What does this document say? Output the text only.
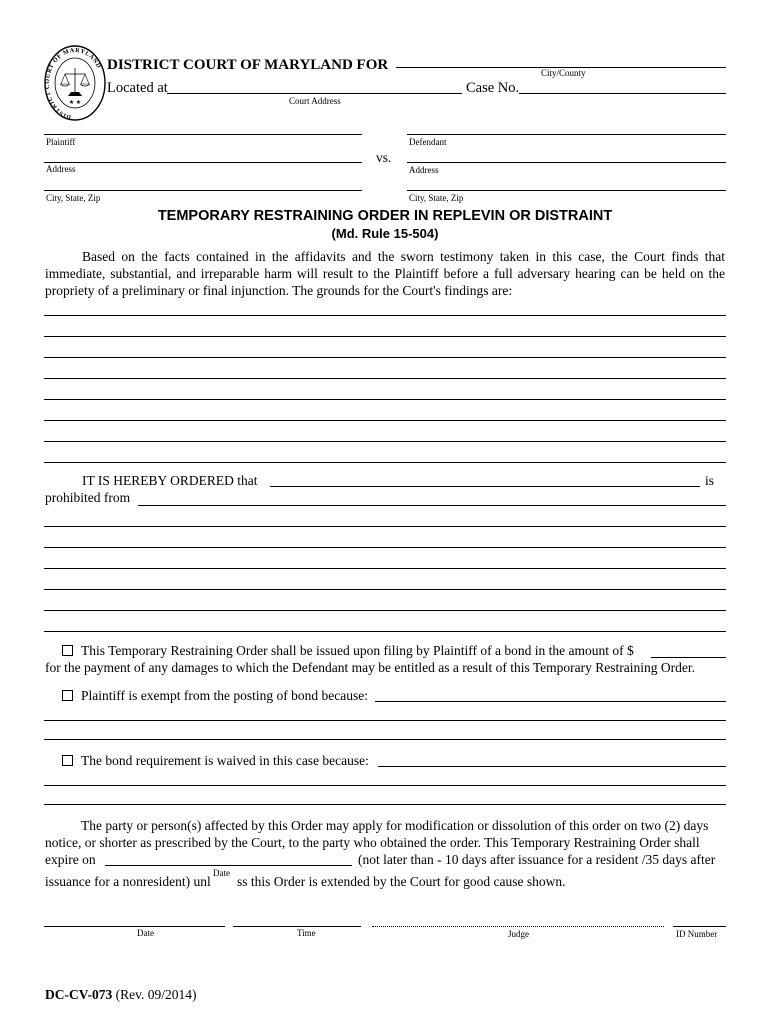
DISTRICT COURT OF MARYLAND
★ ★
DISTRICT COURT OF MARYLAND FOR	City/County
Located at
Court Address
Case No.
Plaintiff
Address
City, State, Zip
vs.
Defendant
Address
City, State, Zip
TEMPORARY RESTRAINING ORDER IN REPLEVIN OR DISTRAINT
(Md. Rule 15-504)
Based on the facts contained in the affidavits and the sworn testimony taken in this case, the Court finds that immediate, substantial, and irreparable harm will result to the Plaintiff before a full adversary hearing can be held on the propriety of a preliminary or final injunction. The grounds for the Court's findings are:
IT IS HEREBY ORDERED that	is
prohibited from
This Temporary Restraining Order shall be issued upon filing by Plaintiff of a bond in the amount of $
for the payment of any damages to which the Defendant may be entitled as a result of this Temporary Restraining Order.
Plaintiff is exempt from the posting of bond because:
The bond requirement is waived in this case because:
The party or person(s) affected by this Order may apply for modification or dissolution of this order on two (2) days
notice, or shorter as prescribed by the Court, to the party who obtained the order. This Temporary Restraining Order shall
expire on	(not later than - 10 days after issuance for a resident /35 days after
issuance for a nonresident) unl
Date
ss this Order is extended by the Court for good cause shown.
Date	Time	Judge	ID Number
DC-CV-073 (Rev. 09/2014)
